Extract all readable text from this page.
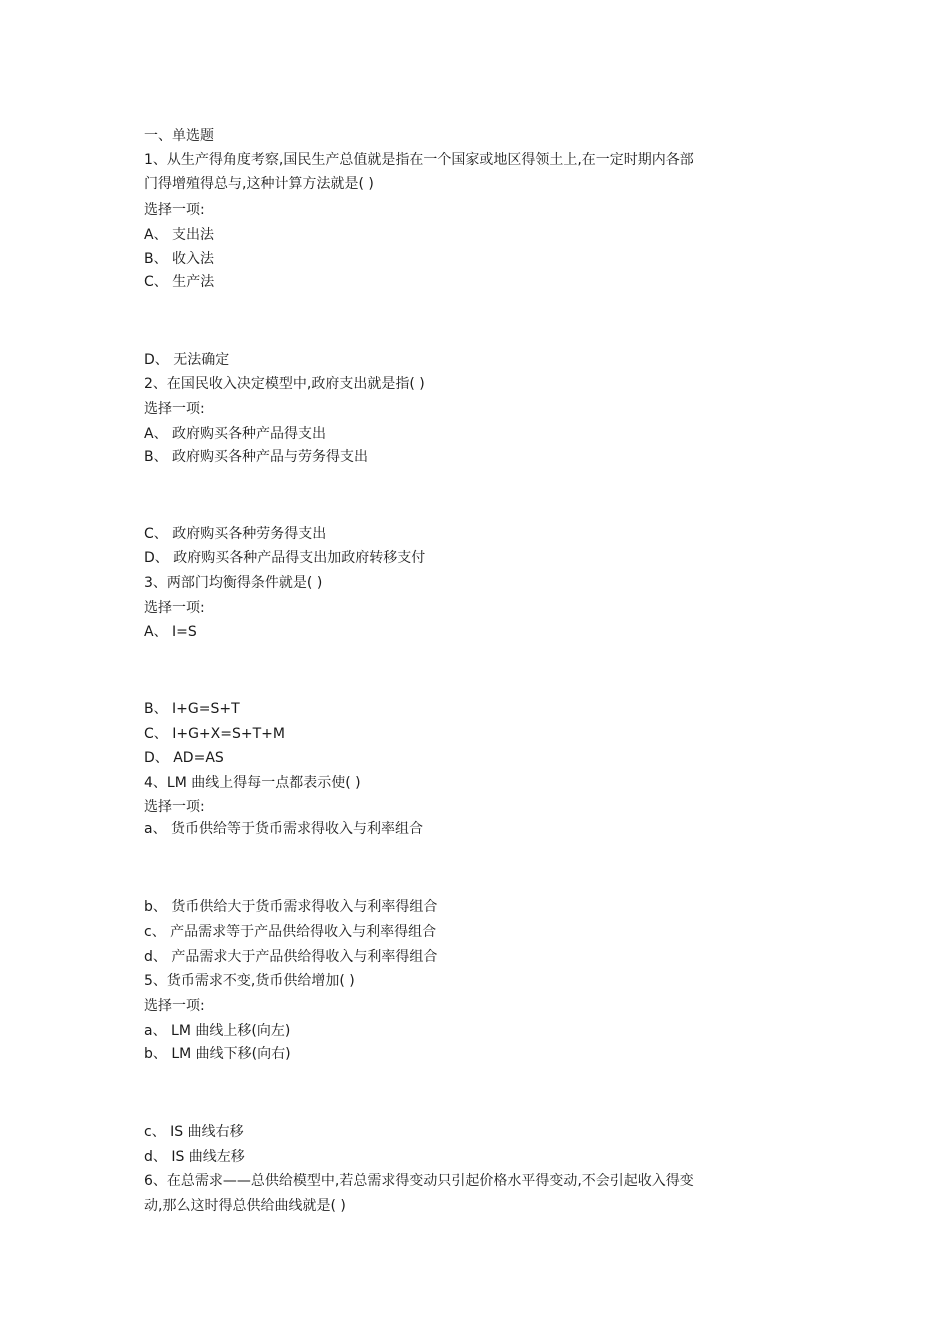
一、单选题
1、从生产得角度考察,国民生产总值就是指在一个国家或地区得领土上,在一定时期内各部
门得增殖得总与,这种计算方法就是( )
选择一项:
A、 支出法
B、 收入法
C、 生产法
D、 无法确定
2、在国民收入决定模型中,政府支出就是指( )
选择一项:
A、 政府购买各种产品得支出
B、 政府购买各种产品与劳务得支出
C、 政府购买各种劳务得支出
D、 政府购买各种产品得支出加政府转移支付
3、两部门均衡得条件就是( )
选择一项:
A、 I=S
B、 I+G=S+T
C、 I+G+X=S+T+M
D、 AD=AS
4、LM 曲线上得每一点都表示使( )
选择一项:
a、 货币供给等于货币需求得收入与利率组合
b、 货币供给大于货币需求得收入与利率得组合
c、 产品需求等于产品供给得收入与利率得组合
d、 产品需求大于产品供给得收入与利率得组合
5、货币需求不变,货币供给增加( )
选择一项:
a、 LM 曲线上移(向左)
b、 LM 曲线下移(向右)
c、 IS 曲线右移
d、 IS 曲线左移
6、在总需求——总供给模型中,若总需求得变动只引起价格水平得变动,不会引起收入得变
动,那么这时得总供给曲线就是( )
